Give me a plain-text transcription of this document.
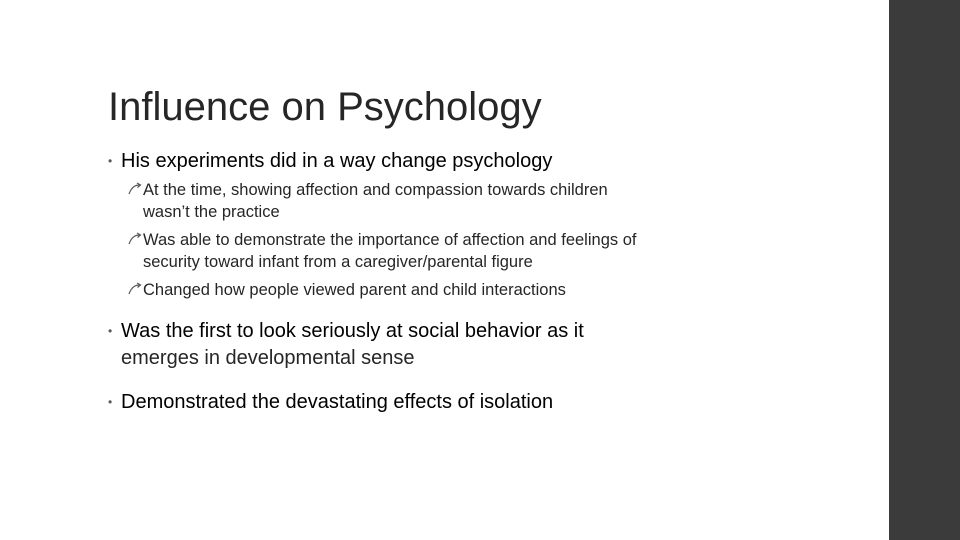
Influence on Psychology
• His experiments did in a way change psychology
At the time, showing affection and compassion towards children
wasn’t the practice
Was able to demonstrate the importance of affection and feelings of
security toward infant from a caregiver/parental figure
Changed how people viewed parent and child interactions
• Was the first to look seriously at social behavior as it
emerges in developmental sense
• Demonstrated the devastating effects of isolation
